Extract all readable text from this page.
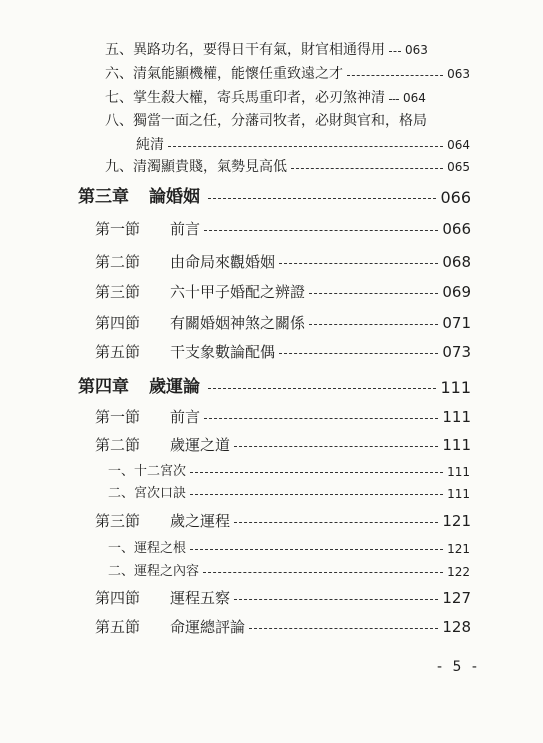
五、異路功名，要得日干有氣，財官相通得用 063
六、清氣能顯機權，能懷任重致遠之才	063
七、掌生殺大權，寄兵馬重印者，必刃煞神清 064
八、獨當一面之任，分藩司牧者，必財與官和，格局
純清	064
九、清濁顯貴賤，氣勢見高低	065
第三章 論婚姻	066
第一節	前言	066
第二節	由命局來觀婚姻	068
第三節	六十甲子婚配之辨證	069
第四節	有關婚姻神煞之關係	071
第五節	干支象數論配偶	073
第四章 歲運論	111
第一節	前言	111
第二節	歲運之道	111
一、十二宮次	111
二、宮次口訣	111
第三節	歲之運程	121
一、運程之根	121
二、運程之內容	122
第四節	運程五察	127
第五節	命運總評論	128
- 5 -
